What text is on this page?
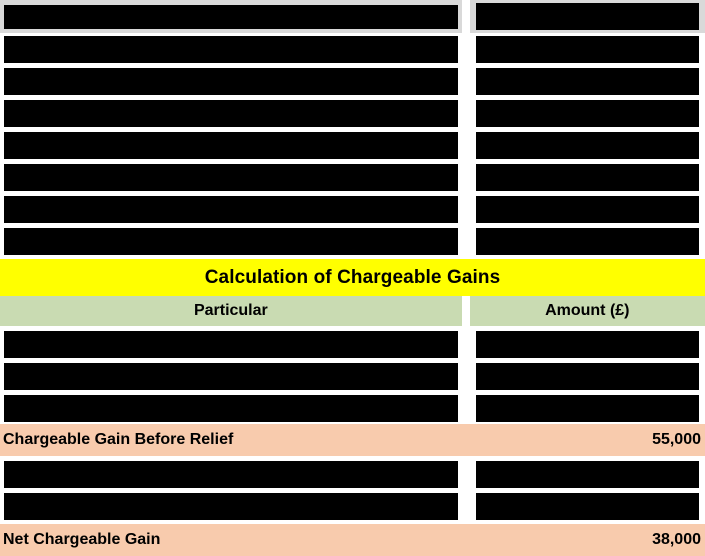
Calculation of Chargeable Gains
Particular	Amount (£)
Chargeable Gain Before Relief	55,000
Net Chargeable Gain	38,000
